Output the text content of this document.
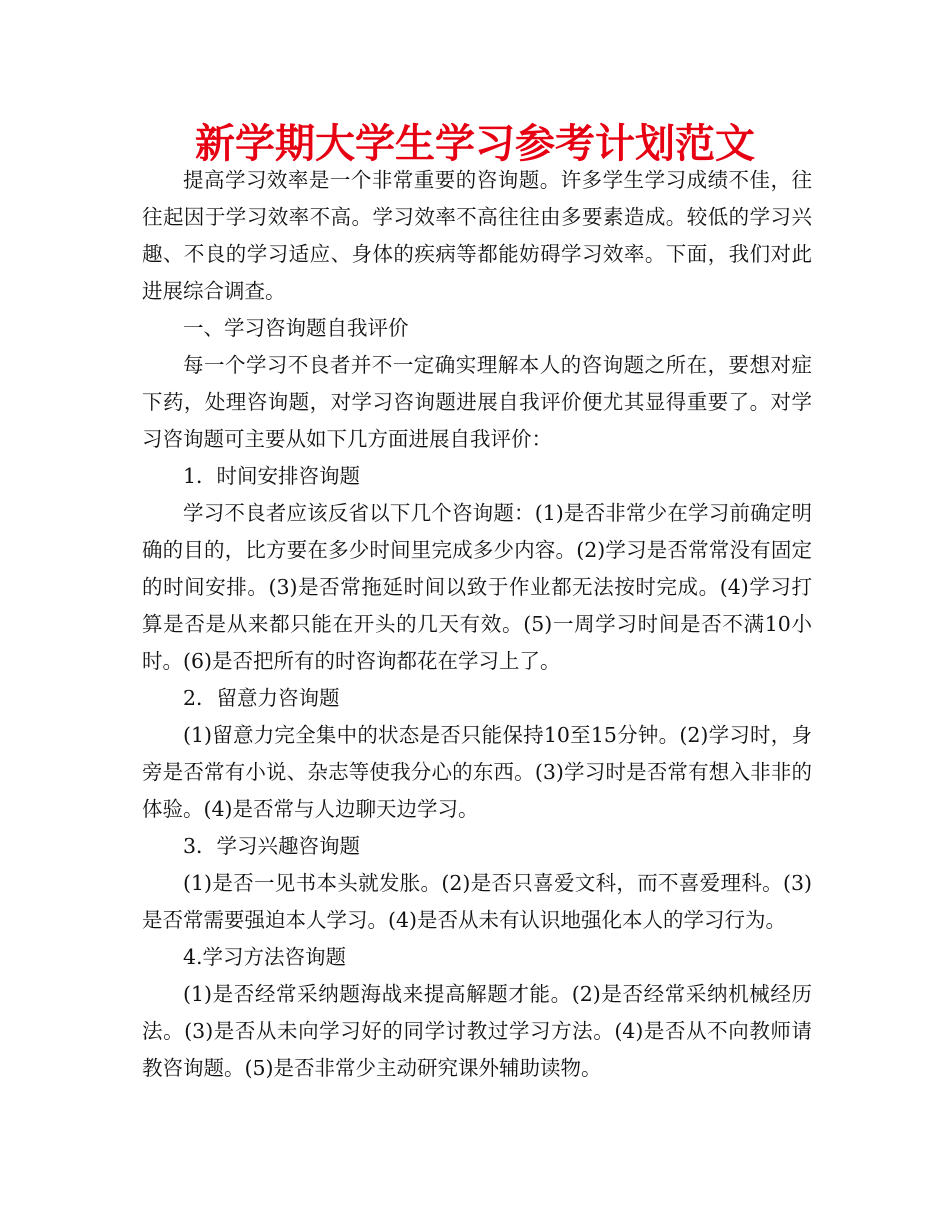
新学期大学生学习参考计划范文

提高学习效率是一个非常重要的咨询题。许多学生学习成绩不佳，往往起因于学习效率不高。学习效率不高往往由多要素造成。较低的学习兴趣、不良的学习适应、身体的疾病等都能妨碍学习效率。下面，我们对此进展综合调查。

一、学习咨询题自我评价

每一个学习不良者并不一定确实理解本人的咨询题之所在，要想对症下药，处理咨询题，对学习咨询题进展自我评价便尤其显得重要了。对学习咨询题可主要从如下几方面进展自我评价：

1．时间安排咨询题

学习不良者应该反省以下几个咨询题：(1)是否非常少在学习前确定明确的目的，比方要在多少时间里完成多少内容。(2)学习是否常常没有固定的时间安排。(3)是否常拖延时间以致于作业都无法按时完成。(4)学习打算是否是从来都只能在开头的几天有效。(5)一周学习时间是否不满10小时。(6)是否把所有的时咨询都花在学习上了。

2．留意力咨询题

(1)留意力完全集中的状态是否只能保持10至15分钟。(2)学习时，身旁是否常有小说、杂志等使我分心的东西。(3)学习时是否常有想入非非的体验。(4)是否常与人边聊天边学习。

3．学习兴趣咨询题

(1)是否一见书本头就发胀。(2)是否只喜爱文科，而不喜爱理科。(3)是否常需要强迫本人学习。(4)是否从未有认识地强化本人的学习行为。

4.学习方法咨询题

(1)是否经常采纳题海战来提高解题才能。(2)是否经常采纳机械经历法。(3)是否从未向学习好的同学讨教过学习方法。(4)是否从不向教师请教咨询题。(5)是否非常少主动研究课外辅助读物。
